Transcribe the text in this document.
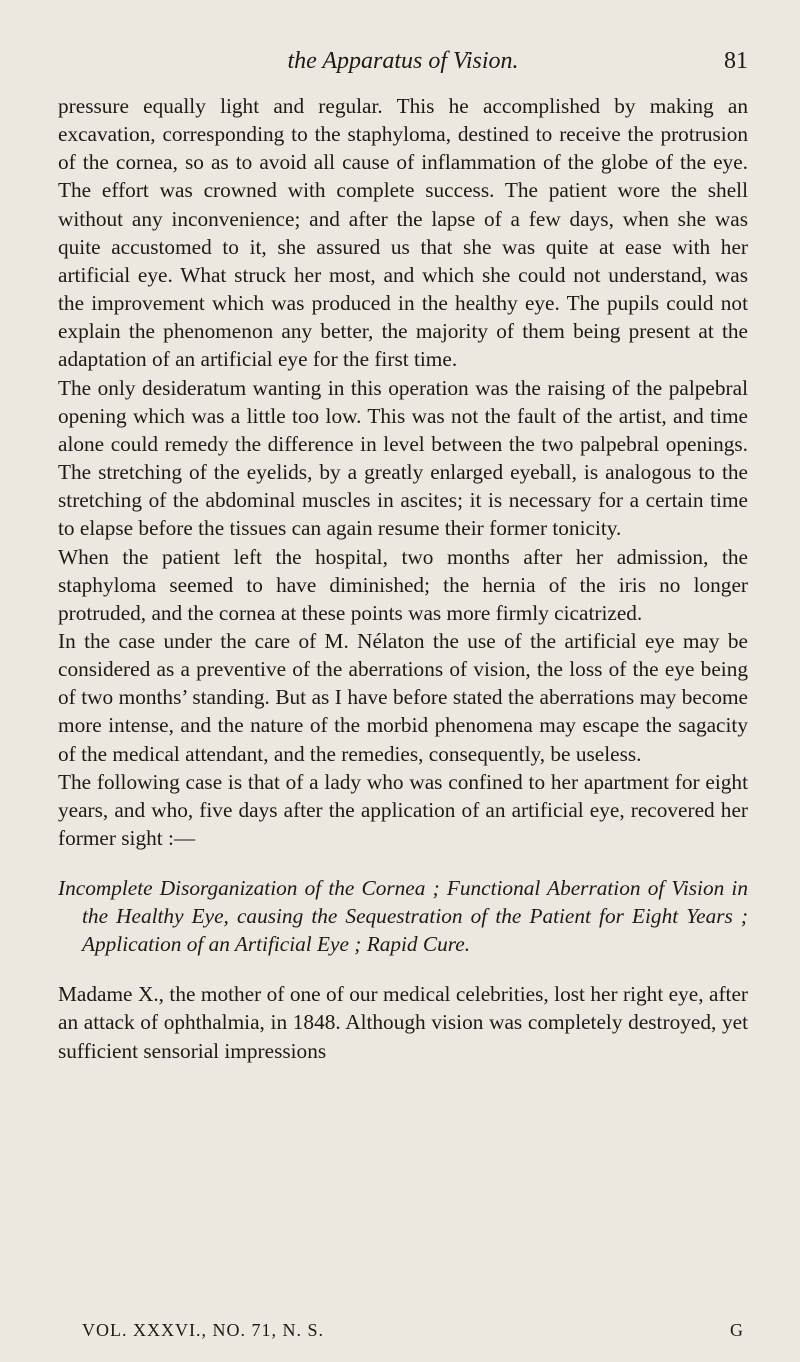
the Apparatus of Vision.	81

pressure equally light and regular. This he accomplished by making an excavation, corresponding to the staphyloma, destined to receive the protrusion of the cornea, so as to avoid all cause of inflammation of the globe of the eye. The effort was crowned with complete success. The patient wore the shell without any inconvenience; and after the lapse of a few days, when she was quite accustomed to it, she assured us that she was quite at ease with her artificial eye. What struck her most, and which she could not understand, was the improvement which was produced in the healthy eye. The pupils could not explain the phenomenon any better, the majority of them being present at the adaptation of an artificial eye for the first time.

The only desideratum wanting in this operation was the raising of the palpebral opening which was a little too low. This was not the fault of the artist, and time alone could remedy the difference in level between the two palpebral openings. The stretching of the eyelids, by a greatly enlarged eyeball, is analogous to the stretching of the abdominal muscles in ascites; it is necessary for a certain time to elapse before the tissues can again resume their former tonicity.

When the patient left the hospital, two months after her admission, the staphyloma seemed to have diminished; the hernia of the iris no longer protruded, and the cornea at these points was more firmly cicatrized.

In the case under the care of M. Nélaton the use of the artificial eye may be considered as a preventive of the aberrations of vision, the loss of the eye being of two months’ standing. But as I have before stated the aberrations may become more intense, and the nature of the morbid phenomena may escape the sagacity of the medical attendant, and the remedies, consequently, be useless.

The following case is that of a lady who was confined to her apartment for eight years, and who, five days after the application of an artificial eye, recovered her former sight :—

Incomplete Disorganization of the Cornea ; Functional Aberration of Vision in the Healthy Eye, causing the Sequestration of the Patient for Eight Years ; Application of an Artificial Eye ; Rapid Cure.

Madame X., the mother of one of our medical celebrities, lost her right eye, after an attack of ophthalmia, in 1848. Although vision was completely destroyed, yet sufficient sensorial impressions

VOL. XXXVI., NO. 71, N. S.	G
